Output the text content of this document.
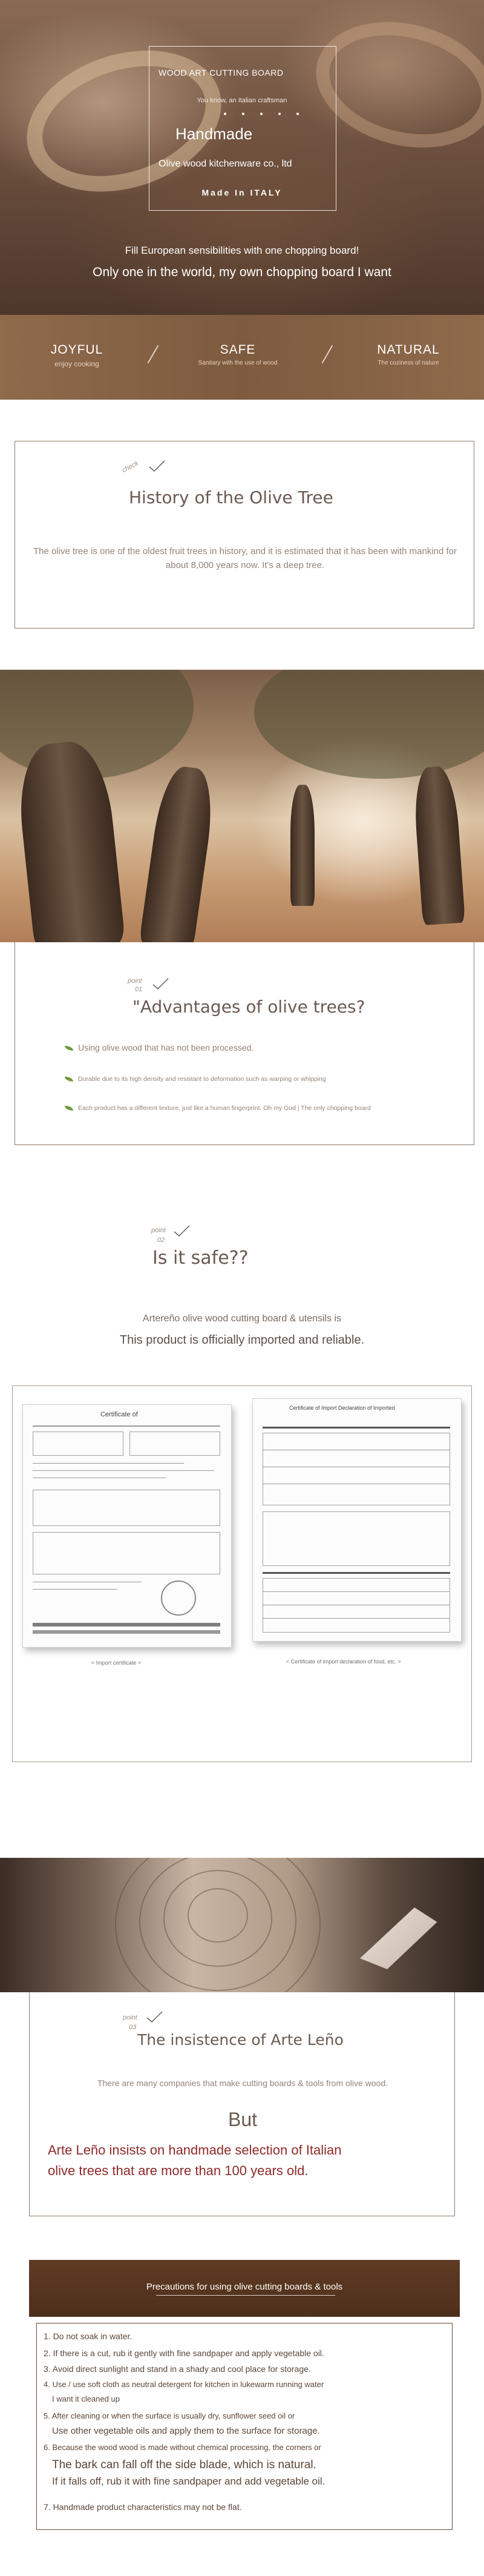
WOOD ART CUTTING BOARD
You know, an Italian craftsman
Handmade
Olive wood kitchenware co., ltd
Made In ITALY
Fill European sensibilities with one chopping board!
Only one in the world, my own chopping board I want
JOYFUL
enjoy cooking
SAFE
Sanitary with the use of wood
NATURAL
The coziness of nature
check
History of the Olive Tree
The olive tree is one of the oldest fruit trees in history, and it is estimated that it has been with mankind for about 8,000 years now. It's a deep tree.
point
01
"Advantages of olive trees?
Using olive wood that has not been processed.
Durable due to its high density and resistant to deformation such as warping or whipping
Each product has a different texture, just like a human fingerprint. Oh my God | The only chopping board
point
02
Is it safe??
Artereño olive wood cutting board & utensils is
This product is officially imported and reliable.
Certificate of
< Import certificate >
Certificate of Import Declaration of Imported
< Certificate of import declaration of food, etc. >
point
03
The insistence of Arte Leño
There are many companies that make cutting boards & tools from olive wood.
But
Arte Leño insists on handmade selection of Italian
olive trees that are more than 100 years old.
Precautions for using olive cutting boards & tools
1. Do not soak in water.
2. If there is a cut, rub it gently with fine sandpaper and apply vegetable oil.
3. Avoid direct sunlight and stand in a shady and cool place for storage.
4. Use / use soft cloth as neutral detergent for kitchen in lukewarm running water
I want it cleaned up
5. After cleaning or when the surface is usually dry, sunflower seed oil or
Use other vegetable oils and apply them to the surface for storage.
6. Because the wood wood is made without chemical processing, the corners or
The bark can fall off the side blade, which is natural.
If it falls off, rub it with fine sandpaper and add vegetable oil.
7. Handmade product characteristics may not be flat.
